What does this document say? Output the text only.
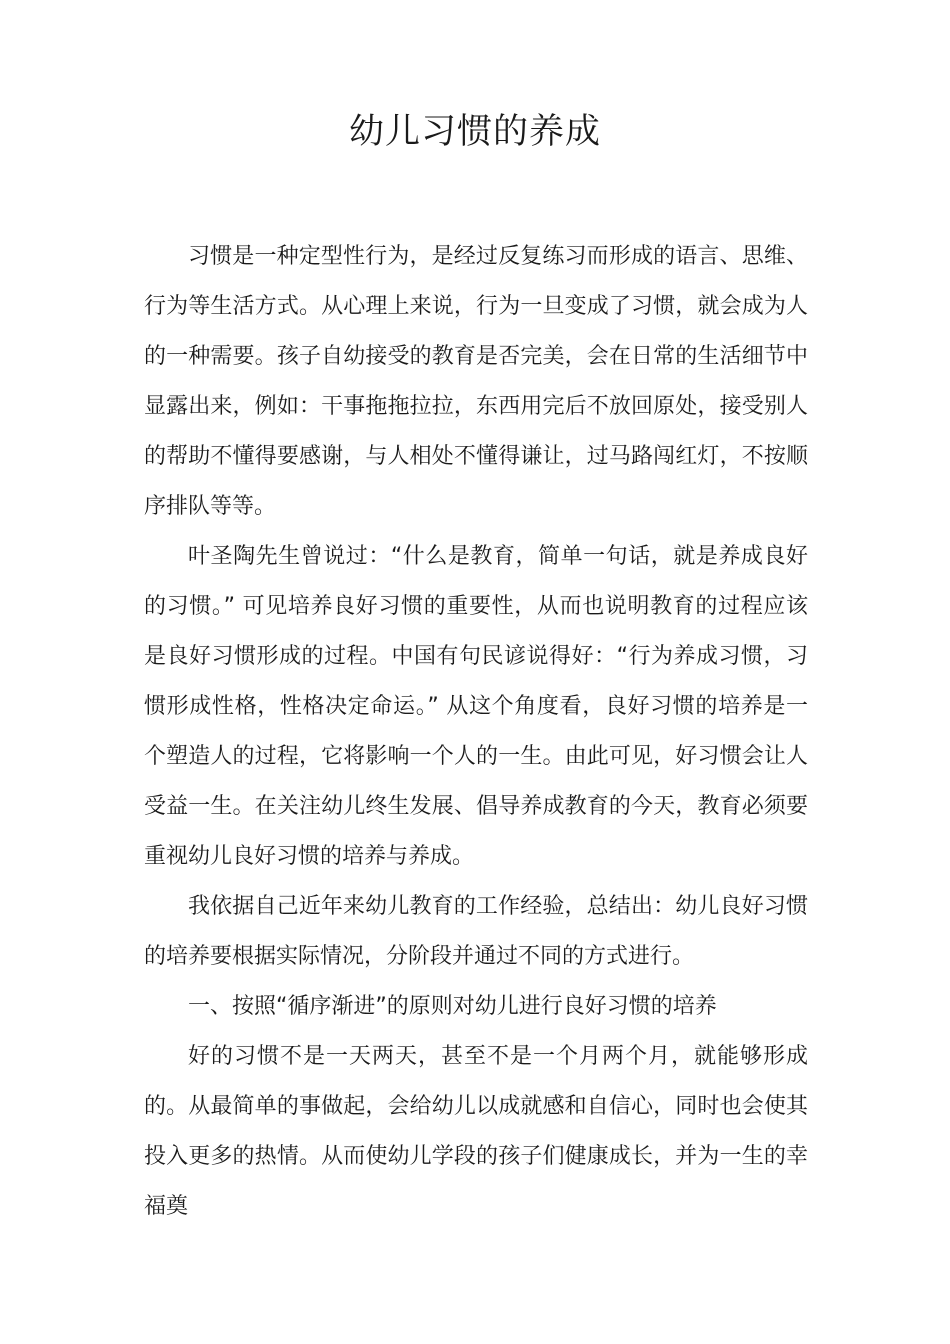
幼儿习惯的养成

习惯是一种定型性行为，是经过反复练习而形成的语言、思维、行为等生活方式。从心理上来说，行为一旦变成了习惯，就会成为人的一种需要。孩子自幼接受的教育是否完美，会在日常的生活细节中显露出来，例如：干事拖拖拉拉，东西用完后不放回原处，接受别人的帮助不懂得要感谢，与人相处不懂得谦让，过马路闯红灯，不按顺序排队等等。

叶圣陶先生曾说过：“什么是教育，简单一句话，就是养成良好的习惯。” 可见培养良好习惯的重要性，从而也说明教育的过程应该是良好习惯形成的过程。中国有句民谚说得好：“行为养成习惯，习惯形成性格，性格决定命运。” 从这个角度看，良好习惯的培养是一个塑造人的过程，它将影响一个人的一生。由此可见，好习惯会让人受益一生。在关注幼儿终生发展、倡导养成教育的今天，教育必须要重视幼儿良好习惯的培养与养成。

我依据自己近年来幼儿教育的工作经验，总结出：幼儿良好习惯的培养要根据实际情况，分阶段并通过不同的方式进行。

一、按照“循序渐进”的原则对幼儿进行良好习惯的培养

好的习惯不是一天两天，甚至不是一个月两个月，就能够形成的。从最简单的事做起，会给幼儿以成就感和自信心，同时也会使其投入更多的热情。从而使幼儿学段的孩子们健康成长，并为一生的幸福奠
